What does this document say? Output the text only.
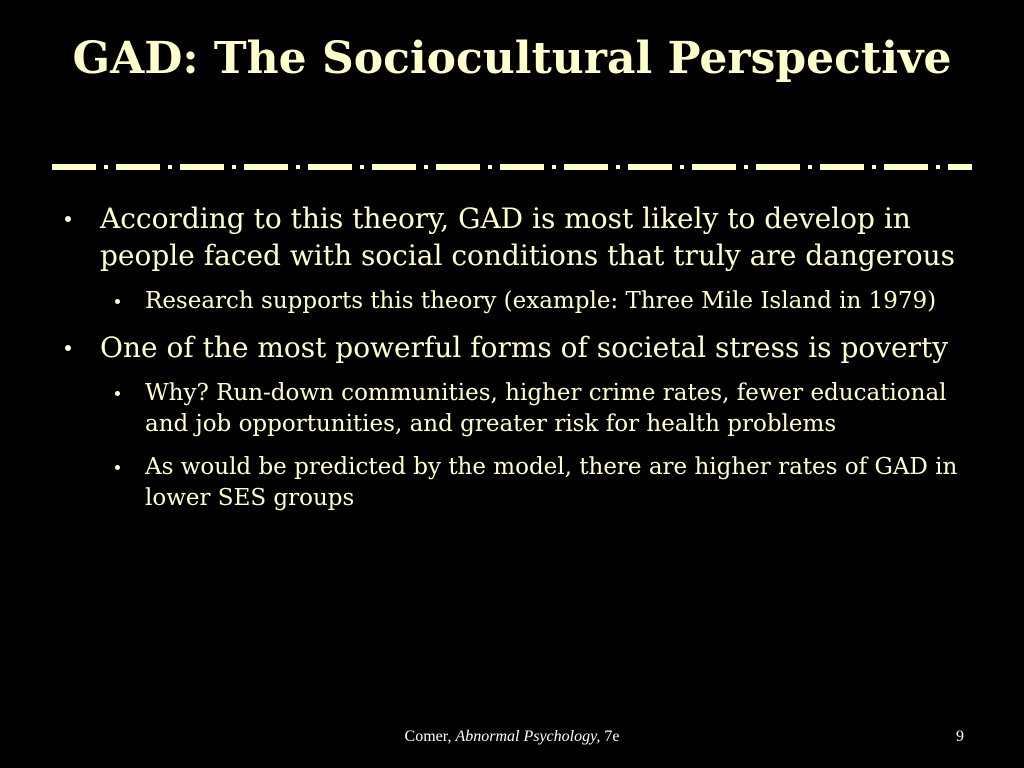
GAD: The Sociocultural Perspective
According to this theory, GAD is most likely to develop in people faced with social conditions that truly are dangerous
Research supports this theory (example: Three Mile Island in 1979)
One of the most powerful forms of societal stress is poverty
Why? Run-down communities, higher crime rates, fewer educational and job opportunities, and greater risk for health problems
As would be predicted by the model, there are higher rates of GAD in lower SES groups
Comer, Abnormal Psychology, 7e	9
